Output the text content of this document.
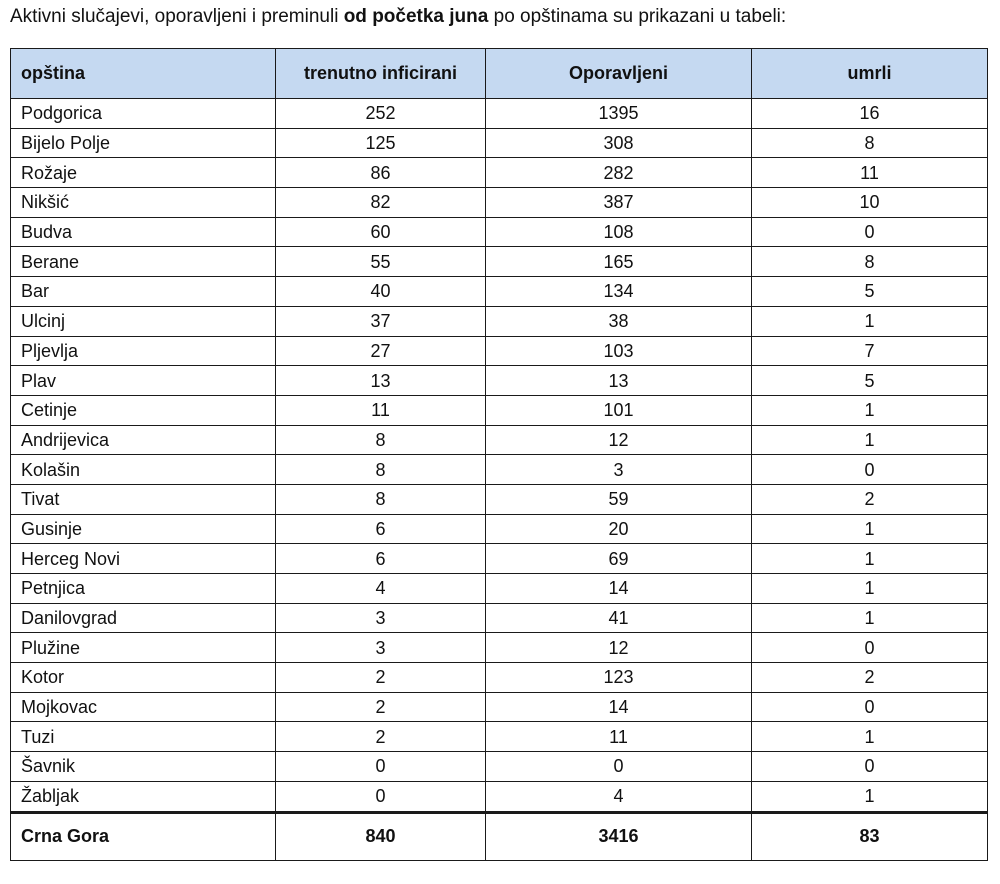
Aktivni slučajevi, oporavljeni i preminuli od početka juna po opštinama su prikazani u tabeli:
opština	trenutno inficirani	Oporavljeni	umrli
Podgorica	252	1395	16
Bijelo Polje	125	308	8
Rožaje	86	282	11
Nikšić	82	387	10
Budva	60	108	0
Berane	55	165	8
Bar	40	134	5
Ulcinj	37	38	1
Pljevlja	27	103	7
Plav	13	13	5
Cetinje	11	101	1
Andrijevica	8	12	1
Kolašin	8	3	0
Tivat	8	59	2
Gusinje	6	20	1
Herceg Novi	6	69	1
Petnjica	4	14	1
Danilovgrad	3	41	1
Plužine	3	12	0
Kotor	2	123	2
Mojkovac	2	14	0
Tuzi	2	11	1
Šavnik	0	0	0
Žabljak	0	4	1
Crna Gora	840	3416	83
